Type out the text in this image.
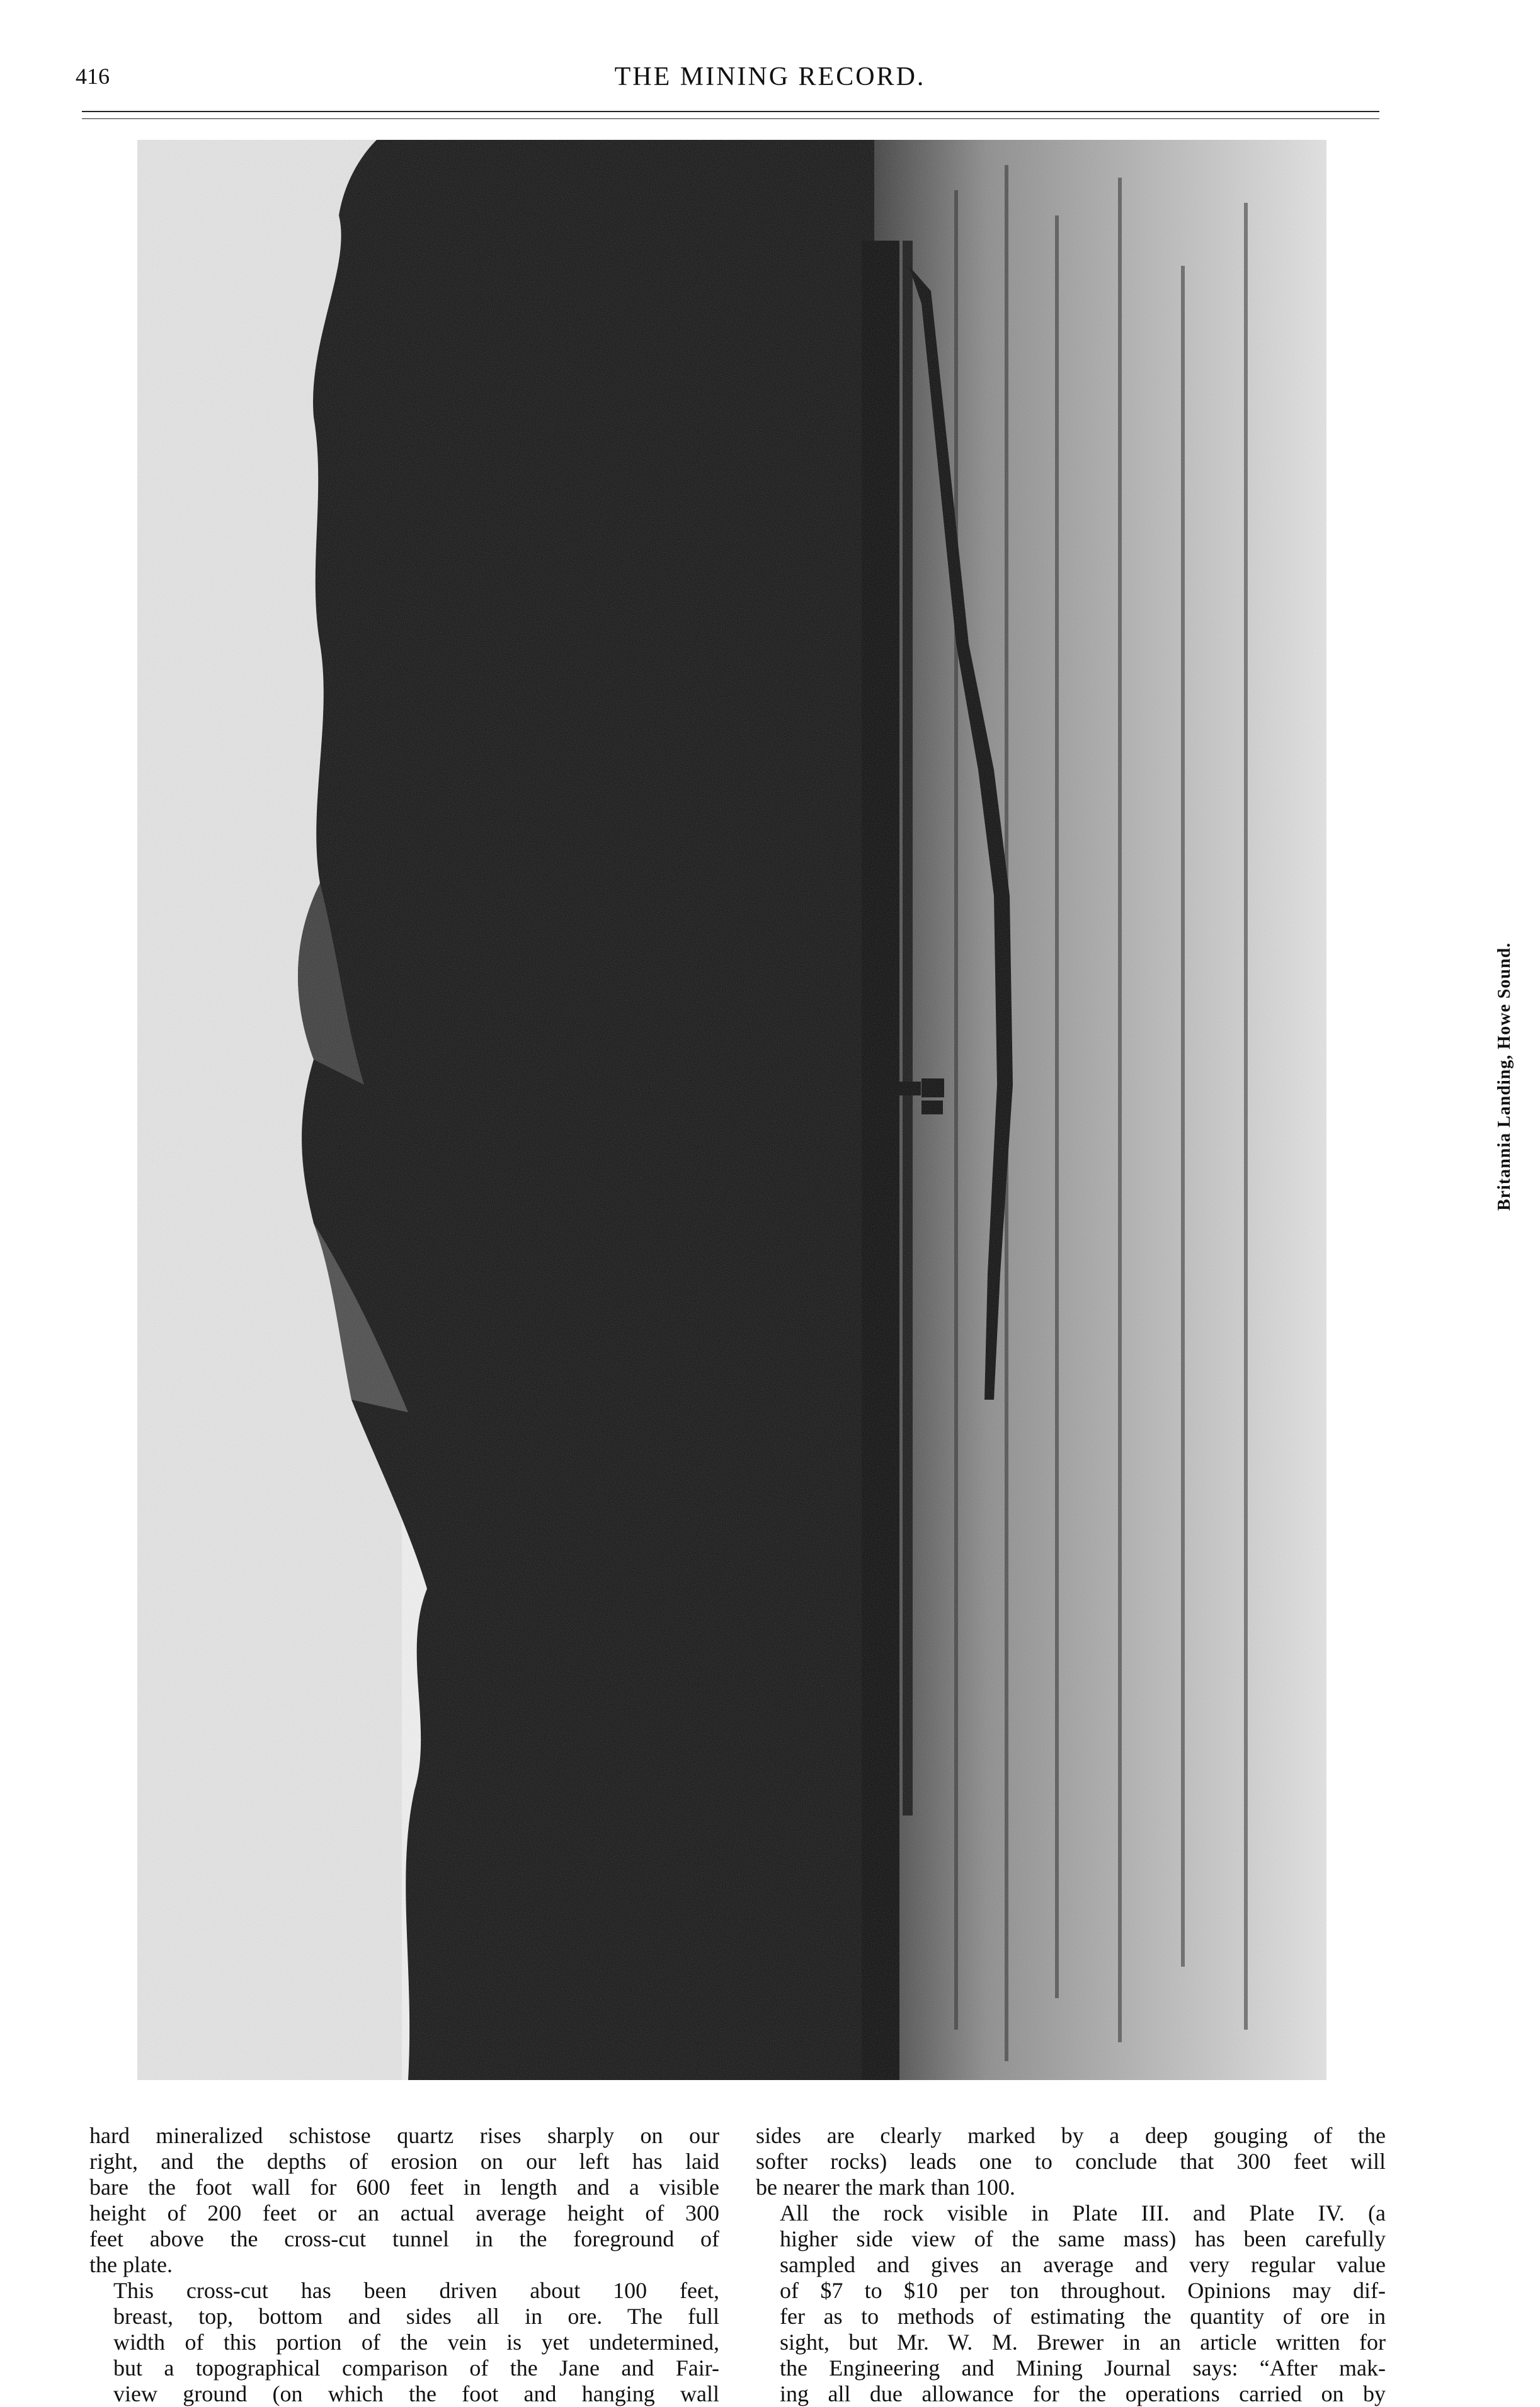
416	THE MINING RECORD.
Britannia Landing, Howe Sound.

hard mineralized schistose quartz rises sharply on our
right, and the depths of erosion on our left has laid
bare the foot wall for 600 feet in length and a visible
height of 200 feet or an actual average height of 300
feet above the cross-cut tunnel in the foreground of
the plate.

This cross-cut has been driven about 100 feet,
breast, top, bottom and sides all in ore. The full
width of this portion of the vein is yet undetermined,
but a topographical comparison of the Jane and Fair-
view ground (on which the foot and hanging wall

sides are clearly marked by a deep gouging of the
softer rocks) leads one to conclude that 300 feet will
be nearer the mark than 100.

All the rock visible in Plate III. and Plate IV. (a
higher side view of the same mass) has been carefully
sampled and gives an average and very regular value
of $7 to $10 per ton throughout. Opinions may dif-
fer as to methods of estimating the quantity of ore in
sight, but Mr. W. M. Brewer in an article written for
the Engineering and Mining Journal says: “After mak-
ing all due allowance for the operations carried on by
